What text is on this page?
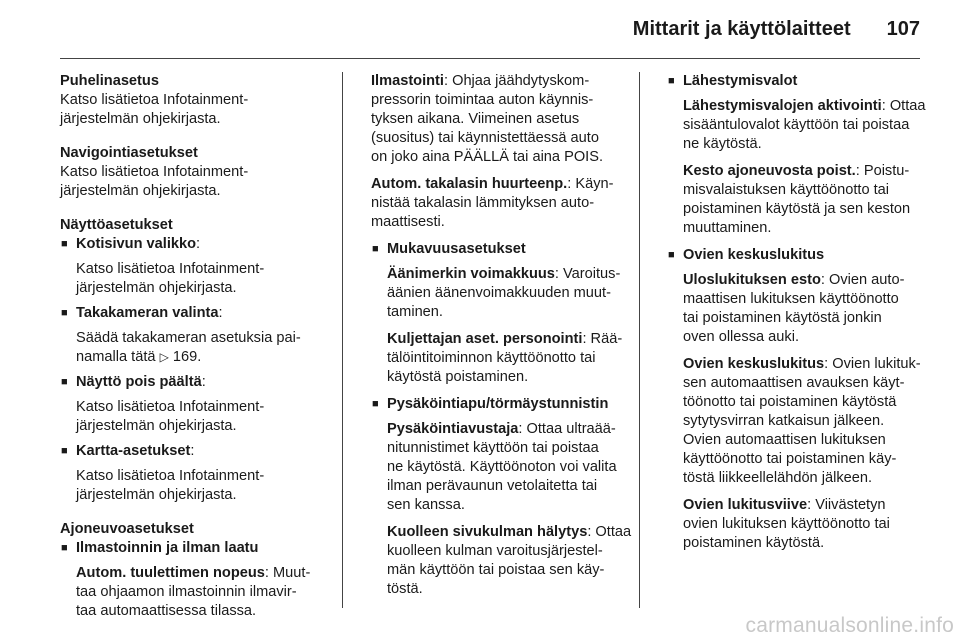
Mittarit ja käyttölaitteet 107
Puhelinasetus
Katso lisätietoa Infotainment-
järjestelmän ohjekirjasta.
Navigointiasetukset
Katso lisätietoa Infotainment-
järjestelmän ohjekirjasta.
Näyttöasetukset
■ Kotisivun valikko:
Katso lisätietoa Infotainment-
järjestelmän ohjekirjasta.
■ Takakameran valinta:
Säädä takakameran asetuksia pai-
namalla tätä ▷ 169.
■ Näyttö pois päältä:
Katso lisätietoa Infotainment-
järjestelmän ohjekirjasta.
■ Kartta-asetukset:
Katso lisätietoa Infotainment-
järjestelmän ohjekirjasta.
Ajoneuvoasetukset
■ Ilmastoinnin ja ilman laatu
Autom. tuulettimen nopeus: Muut-
taa ohjaamon ilmastoinnin ilmavir-
taa automaattisessa tilassa.
Ilmastointi: Ohjaa jäähdytyskom-
pressorin toimintaa auton käynnis-
tyksen aikana. Viimeinen asetus
(suositus) tai käynnistettäessä auto
on joko aina PÄÄLLÄ tai aina POIS.
Autom. takalasin huurteenp.: Käyn-
nistää takalasin lämmityksen auto-
maattisesti.
■ Mukavuusasetukset
Äänimerkin voimakkuus: Varoitus-
äänien äänenvoimakkuuden muut-
taminen.
Kuljettajan aset. personointi: Rää-
tälöintitoiminnon käyttöönotto tai
käytöstä poistaminen.
■ Pysäköintiapu/törmäystunnistin
Pysäköintiavustaja: Ottaa ultraää-
nitunnistimet käyttöön tai poistaa
ne käytöstä. Käyttöönoton voi valita
ilman perävaunun vetolaitetta tai
sen kanssa.
Kuolleen sivukulman hälytys: Ottaa
kuolleen kulman varoitusjärjestel-
män käyttöön tai poistaa sen käy-
töstä.
■ Lähestymisvalot
Lähestymisvalojen aktivointi: Ottaa
sisääntulovalot käyttöön tai poistaa
ne käytöstä.
Kesto ajoneuvosta poist.: Poistu-
misvalaistuksen käyttöönotto tai
poistaminen käytöstä ja sen keston
muuttaminen.
■ Ovien keskuslukitus
Uloslukituksen esto: Ovien auto-
maattisen lukituksen käyttöönotto
tai poistaminen käytöstä jonkin
oven ollessa auki.
Ovien keskuslukitus: Ovien lukituk-
sen automaattisen avauksen käyt-
töönotto tai poistaminen käytöstä
sytytysvirran katkaisun jälkeen.
Ovien automaattisen lukituksen
käyttöönotto tai poistaminen käy-
töstä liikkeellelähdön jälkeen.
Ovien lukitusviive: Viivästetyn
ovien lukituksen käyttöönotto tai
poistaminen käytöstä.
carmanualsonline.info
